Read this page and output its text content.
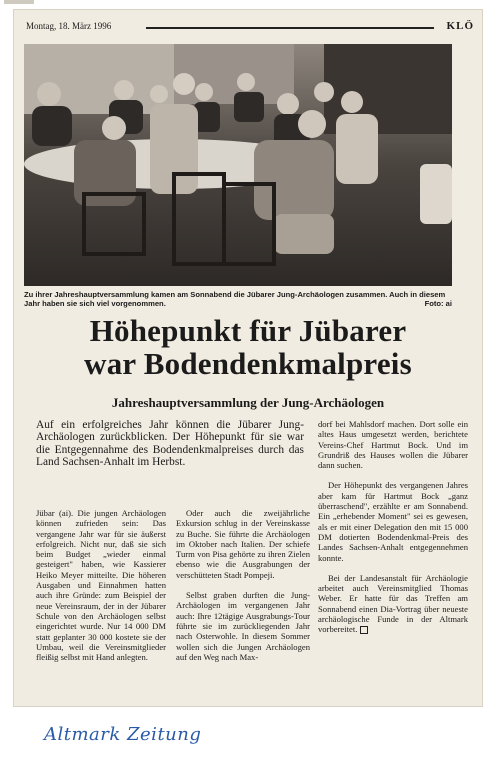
Montag, 18. März 1996	KLÖ
Zu ihrer Jahreshauptversammlung kamen am Sonnabend die Jübarer Jung-Archäologen zusammen. Auch in diesem Jahr haben sie sich viel vorgenommen.	Foto: ai
Höhepunkt für Jübarer
war Bodendenkmalpreis
Jahreshauptversammlung der Jung-Archäologen
Auf ein erfolgreiches Jahr können die Jübarer Jung-Archäologen zurückblicken. Der Höhepunkt für sie war die Entgegennahme des Bodendenkmalpreises durch das Land Sachsen-Anhalt im Herbst.
Jübar (ai). Die jungen Archäologen können zufrieden sein: Das vergangene Jahr war für sie äußerst erfolgreich. Nicht nur, daß sie sich beim Budget „wieder einmal gesteigert" haben, wie Kassierer Heiko Meyer mitteilte. Die höheren Ausgaben und Einnahmen hatten auch ihre Gründe: zum Beispiel der neue Vereinsraum, der in der Jübarer Schule von den Archäologen selbst eingerichtet wurde. Nur 14 000 DM statt geplanter 30 000 kostete sie der Umbau, weil die Vereinsmitglieder fleißig selbst mit Hand anlegten.

Oder auch die zweijährliche Exkursion schlug in der Vereinskasse zu Buche. Sie führte die Archäologen im Oktober nach Italien. Der schiefe Turm von Pisa gehörte zu ihren Zielen ebenso wie die Ausgrabungen der verschütteten Stadt Pompeji.

Selbst graben durften die Jung-Archäologen im vergangenen Jahr auch: Ihre 12tägige Ausgrabungs-Tour führte sie im zurückliegenden Jahr nach Osterwohle. In diesem Sommer wollen sich die Jungen Archäologen auf den Weg nach Max-

dorf bei Mahlsdorf machen. Dort solle ein altes Haus umgesetzt werden, berichtete Vereins-Chef Hartmut Bock. Und im Grundriß des Hauses wollen die Jübarer dann suchen.

Der Höhepunkt des vergangenen Jahres aber kam für Hartmut Bock „ganz überraschend", erzählte er am Sonnabend. Ein „erhebender Moment" sei es gewesen, als er mit einer Delegation den mit 15 000 DM dotierten Bodendenkmal-Preis des Landes Sachsen-Anhalt entgegennehmen konnte.

Bei der Landesanstalt für Archäologie arbeitet auch Vereinsmitglied Thomas Weber. Er hatte für das Treffen am Sonnabend einen Dia-Vortrag über neueste archäologische Funde in der Altmark vorbereitet.

Altmark Zeitung
